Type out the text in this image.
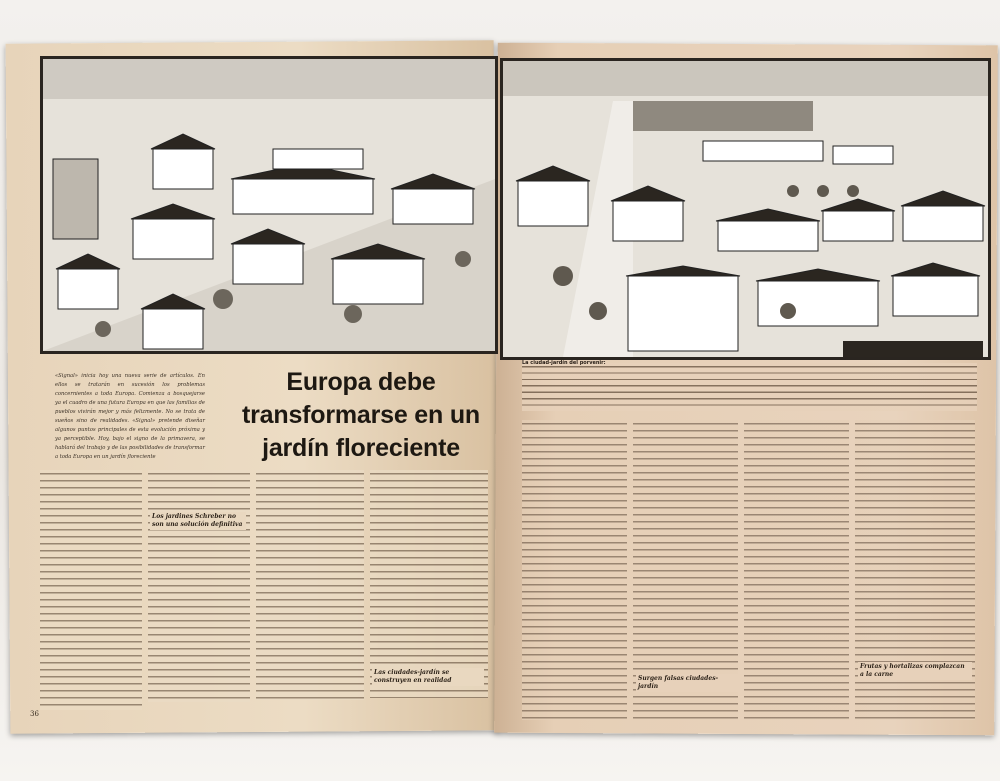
«Signal» inicia hoy una nueva serie de artículos. En ellos se tratarán en sucesión los problemas concernientes a toda Europa. Comienza a bosquejarse ya el cuadro de una futura Europa en que las familias de pueblos vivirán mejor y más felizmente. No se trata de sueños sino de realidades. «Signal» pretende diseñar algunos puntos principales de esta evolución próxima y ya perceptible. Hoy, bajo el signo de la primavera, se hablará del trabajo y de las posibilidades de transformar a toda Europa en un jardín floreciente
Los jardines Schreber no son una solución definitiva
Las ciudades-jardín se construyen en realidad
36
La ciudad-jardín del porvenir:
Surgen falsas ciudades-jardín
Frutas y hortalizas complazcan a la carne
Europa debe transformarse en un jardín floreciente
